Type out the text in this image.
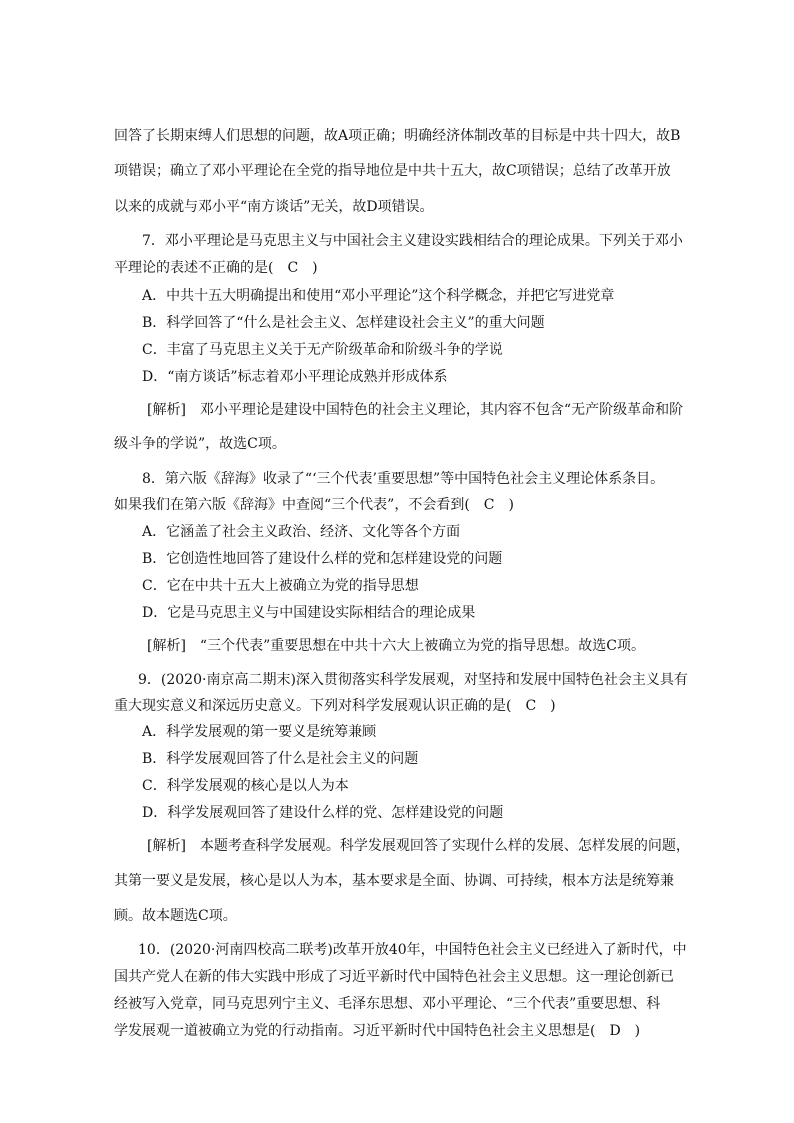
回答了长期束缚人们思想的问题，故A项正确；明确经济体制改革的目标是中共十四大，故B
项错误；确立了邓小平理论在全党的指导地位是中共十五大，故C项错误；总结了改革开放
以来的成就与邓小平“南方谈话”无关，故D项错误。
7．邓小平理论是马克思主义与中国社会主义建设实践相结合的理论成果。下列关于邓小
平理论的表述不正确的是(　C　)
A．中共十五大明确提出和使用“邓小平理论”这个科学概念，并把它写进党章
B．科学回答了“什么是社会主义、怎样建设社会主义”的重大问题
C．丰富了马克思主义关于无产阶级革命和阶级斗争的学说
D．“南方谈话”标志着邓小平理论成熟并形成体系
[解析]　邓小平理论是建设中国特色的社会主义理论，其内容不包含“无产阶级革命和阶
级斗争的学说”，故选C项。
8．第六版《辞海》收录了“‘三个代表’重要思想”等中国特色社会主义理论体系条目。
如果我们在第六版《辞海》中查阅“三个代表”，不会看到(　C　)
A．它涵盖了社会主义政治、经济、文化等各个方面
B．它创造性地回答了建设什么样的党和怎样建设党的问题
C．它在中共十五大上被确立为党的指导思想
D．它是马克思主义与中国建设实际相结合的理论成果
[解析]　“三个代表”重要思想在中共十六大上被确立为党的指导思想。故选C项。
9．(2020·南京高二期末)深入贯彻落实科学发展观，对坚持和发展中国特色社会主义具有
重大现实意义和深远历史意义。下列对科学发展观认识正确的是(　C　)
A．科学发展观的第一要义是统筹兼顾
B．科学发展观回答了什么是社会主义的问题
C．科学发展观的核心是以人为本
D．科学发展观回答了建设什么样的党、怎样建设党的问题
[解析]　本题考查科学发展观。科学发展观回答了实现什么样的发展、怎样发展的问题，
其第一要义是发展，核心是以人为本，基本要求是全面、协调、可持续，根本方法是统筹兼
顾。故本题选C项。
10．(2020·河南四校高二联考)改革开放40年，中国特色社会主义已经进入了新时代，中
国共产党人在新的伟大实践中形成了习近平新时代中国特色社会主义思想。这一理论创新已
经被写入党章，同马克思列宁主义、毛泽东思想、邓小平理论、“三个代表”重要思想、科
学发展观一道被确立为党的行动指南。习近平新时代中国特色社会主义思想是(　D　)
